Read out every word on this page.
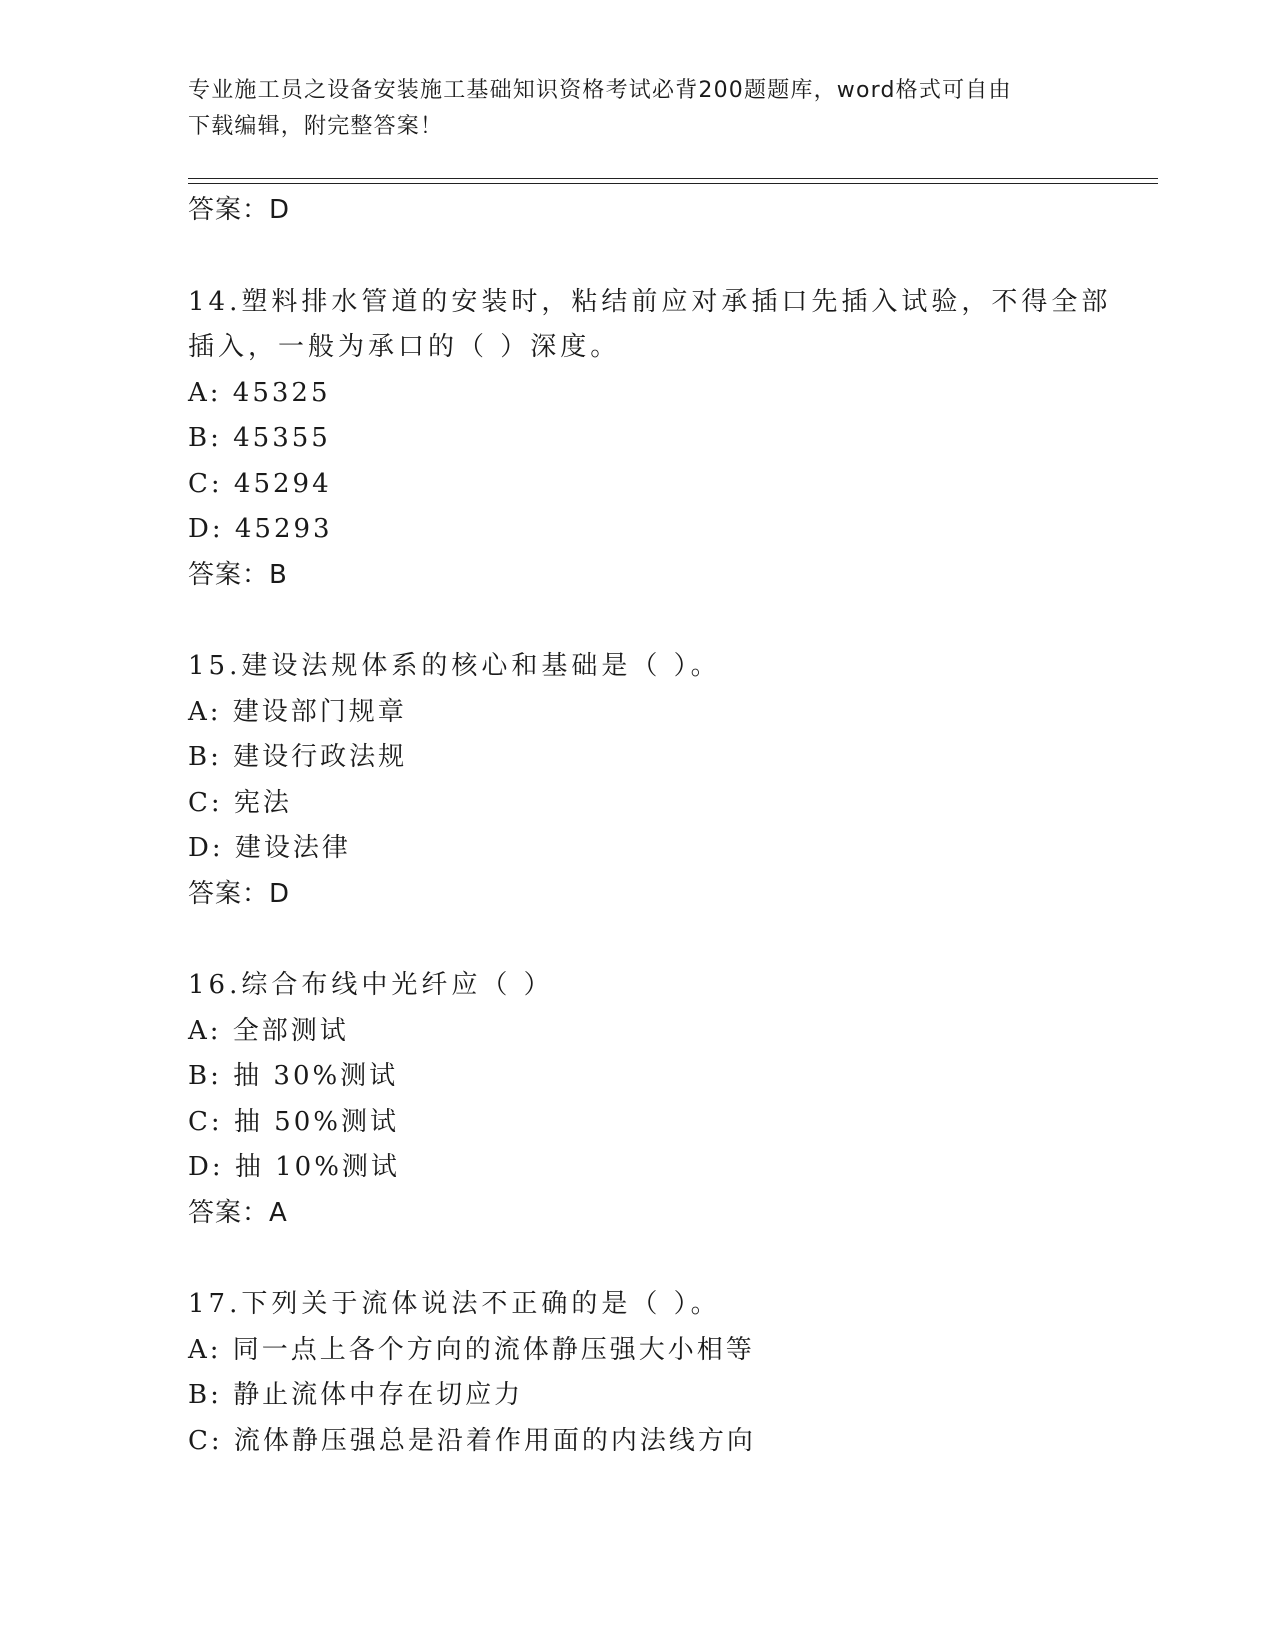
专业施工员之设备安装施工基础知识资格考试必背200题题库，word格式可自由
下载编辑，附完整答案！
答案：D
14.塑料排水管道的安装时，粘结前应对承插口先插入试验，不得全部
插入，一般为承口的（ ）深度。
A: 45325
B: 45355
C: 45294
D: 45293
答案：B
15.建设法规体系的核心和基础是（ ）。
A: 建设部门规章
B: 建设行政法规
C: 宪法
D: 建设法律
答案：D
16.综合布线中光纤应（ ）
A: 全部测试
B: 抽 30%测试
C: 抽 50%测试
D: 抽 10%测试
答案：A
17.下列关于流体说法不正确的是（ ）。
A: 同一点上各个方向的流体静压强大小相等
B: 静止流体中存在切应力
C: 流体静压强总是沿着作用面的内法线方向
